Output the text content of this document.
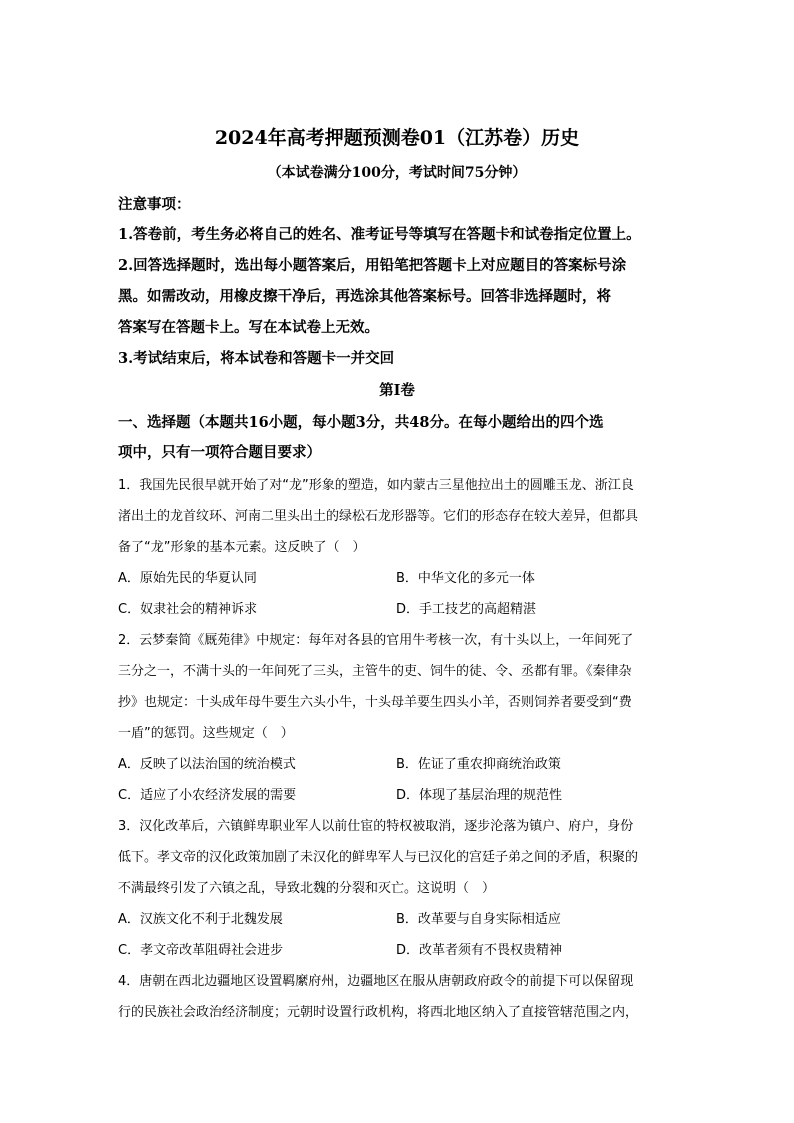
2024年高考押题预测卷01（江苏卷）历史
（本试卷满分100分，考试时间75分钟）
注意事项：
1.答卷前，考生务必将自己的姓名、准考证号等填写在答题卡和试卷指定位置上。
2.回答选择题时，选出每小题答案后，用铅笔把答题卡上对应题目的答案标号涂
黑。如需改动，用橡皮擦干净后，再选涂其他答案标号。回答非选择题时，将
答案写在答题卡上。写在本试卷上无效。
3.考试结束后，将本试卷和答题卡一并交回
第Ⅰ卷
一、选择题（本题共16小题，每小题3分，共48分。在每小题给出的四个选
项中，只有一项符合题目要求）
1．我国先民很早就开始了对“龙”形象的塑造，如内蒙古三星他拉出土的圆雕玉龙、浙江良
渚出土的龙首纹环、河南二里头出土的绿松石龙形器等。它们的形态存在较大差异，但都具
备了“龙”形象的基本元素。这反映了（　）
A．原始先民的华夏认同	B．中华文化的多元一体
C．奴隶社会的精神诉求	D．手工技艺的高超精湛
2．云梦秦简《厩苑律》中规定：每年对各县的官用牛考核一次，有十头以上，一年间死了
三分之一，不满十头的一年间死了三头，主管牛的吏、饲牛的徒、令、丞都有罪。《秦律杂
抄》也规定：十头成年母牛要生六头小牛，十头母羊要生四头小羊，否则饲养者要受到“费
一盾”的惩罚。这些规定（　）
A．反映了以法治国的统治模式	B．佐证了重农抑商统治政策
C．适应了小农经济发展的需要	D．体现了基层治理的规范性
3．汉化改革后，六镇鲜卑职业军人以前仕宦的特权被取消，逐步沦落为镇户、府户，身份
低下。孝文帝的汉化政策加剧了未汉化的鲜卑军人与已汉化的宫廷子弟之间的矛盾，积聚的
不满最终引发了六镇之乱，导致北魏的分裂和灭亡。这说明（　）
A．汉族文化不利于北魏发展	B．改革要与自身实际相适应
C．孝文帝改革阻碍社会进步	D．改革者须有不畏权贵精神
4．唐朝在西北边疆地区设置羁縻府州，边疆地区在服从唐朝政府政令的前提下可以保留现
行的民族社会政治经济制度；元朝时设置行政机构，将西北地区纳入了直接管辖范围之内，
